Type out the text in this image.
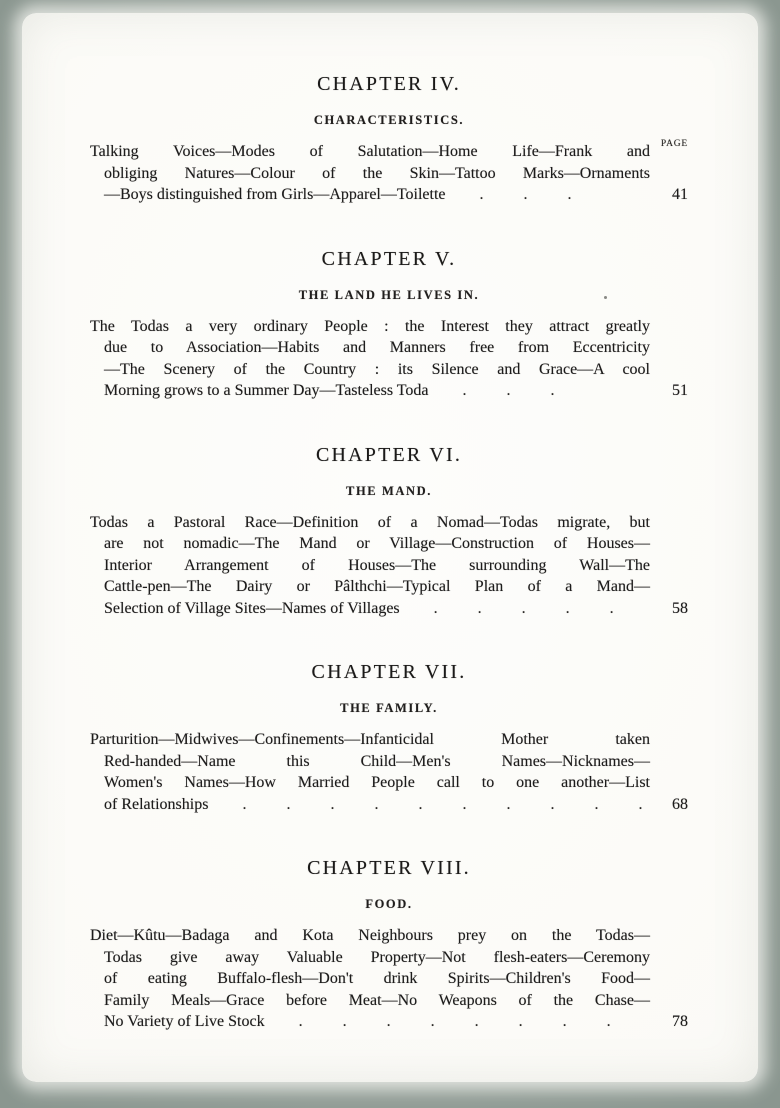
PAGE
CHAPTER IV.
CHARACTERISTICS.
Talking Voices—Modes of Salutation—Home Life—Frank and
obliging Natures—Colour of the Skin—Tattoo Marks—Ornaments
—Boys distinguished from Girls—Apparel—Toilette . . .	41
CHAPTER V.
THE LAND HE LIVES IN.
The Todas a very ordinary People : the Interest they attract greatly
due to Association—Habits and Manners free from Eccentricity
—The Scenery of the Country : its Silence and Grace—A cool
Morning grows to a Summer Day—Tasteless Toda . . .	51
CHAPTER VI.
THE MAND.
Todas a Pastoral Race—Definition of a Nomad—Todas migrate, but
are not nomadic—The Mand or Village—Construction of Houses—
Interior Arrangement of Houses—The surrounding Wall—The
Cattle-pen—The Dairy or Pâlthchi—Typical Plan of a Mand—
Selection of Village Sites—Names of Villages . . . . .	58
CHAPTER VII.
THE FAMILY.
Parturition—Midwives—Confinements—Infanticidal Mother taken
Red-handed—Name this Child—Men's Names—Nicknames—
Women's Names—How Married People call to one another—List
of Relationships . . . . . . . . . .	68
CHAPTER VIII.
FOOD.
Diet—Kûtu—Badaga and Kota Neighbours prey on the Todas—
Todas give away Valuable Property—Not flesh-eaters—Ceremony
of eating Buffalo-flesh—Don't drink Spirits—Children's Food—
Family Meals—Grace before Meat—No Weapons of the Chase—
No Variety of Live Stock . . . . . . . .	78
